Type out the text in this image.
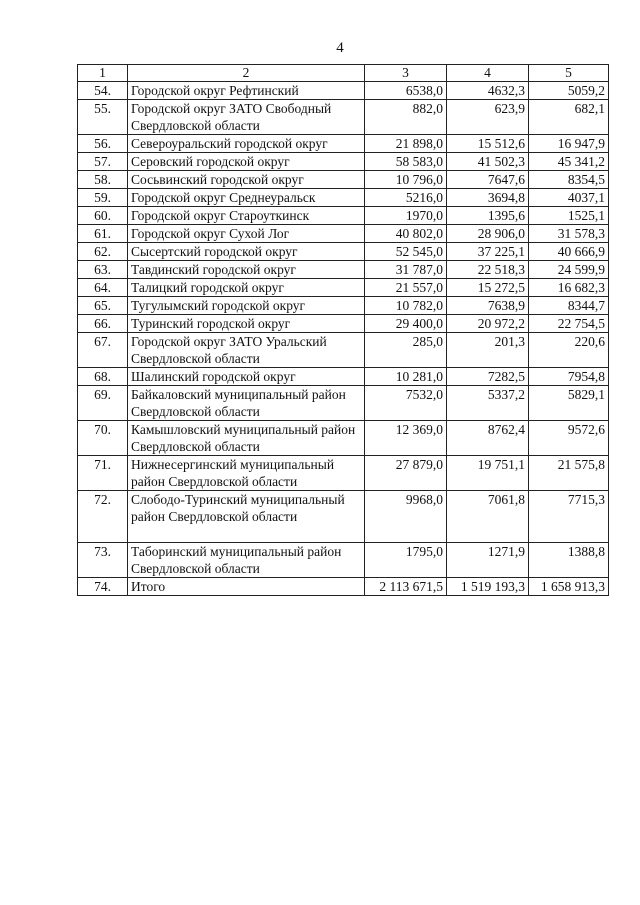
4
1	2	3	4	5
54.	Городской округ Рефтинский	6538,0	4632,3	5059,2
55.	Городской округ ЗАТО Свободный Свердловской области	882,0	623,9	682,1
56.	Североуральский городской округ	21 898,0	15 512,6	16 947,9
57.	Серовский городской округ	58 583,0	41 502,3	45 341,2
58.	Сосьвинский городской округ	10 796,0	7647,6	8354,5
59.	Городской округ Среднеуральск	5216,0	3694,8	4037,1
60.	Городской округ Староуткинск	1970,0	1395,6	1525,1
61.	Городской округ Сухой Лог	40 802,0	28 906,0	31 578,3
62.	Сысертский городской округ	52 545,0	37 225,1	40 666,9
63.	Тавдинский городской округ	31 787,0	22 518,3	24 599,9
64.	Талицкий городской округ	21 557,0	15 272,5	16 682,3
65.	Тугулымский городской округ	10 782,0	7638,9	8344,7
66.	Туринский городской округ	29 400,0	20 972,2	22 754,5
67.	Городской округ ЗАТО Уральский Свердловской области	285,0	201,3	220,6
68.	Шалинский городской округ	10 281,0	7282,5	7954,8
69.	Байкаловский муниципальный район Свердловской области	7532,0	5337,2	5829,1
70.	Камышловский муниципальный район Свердловской области	12 369,0	8762,4	9572,6
71.	Нижнесергинский муниципальный район Свердловской области	27 879,0	19 751,1	21 575,8
72.	Слободо-Туринский муниципальный район Свердловской области	9968,0	7061,8	7715,3
73.	Таборинский муниципальный район Свердловской области	1795,0	1271,9	1388,8
74.	Итого	2 113 671,5	1 519 193,3	1 658 913,3
